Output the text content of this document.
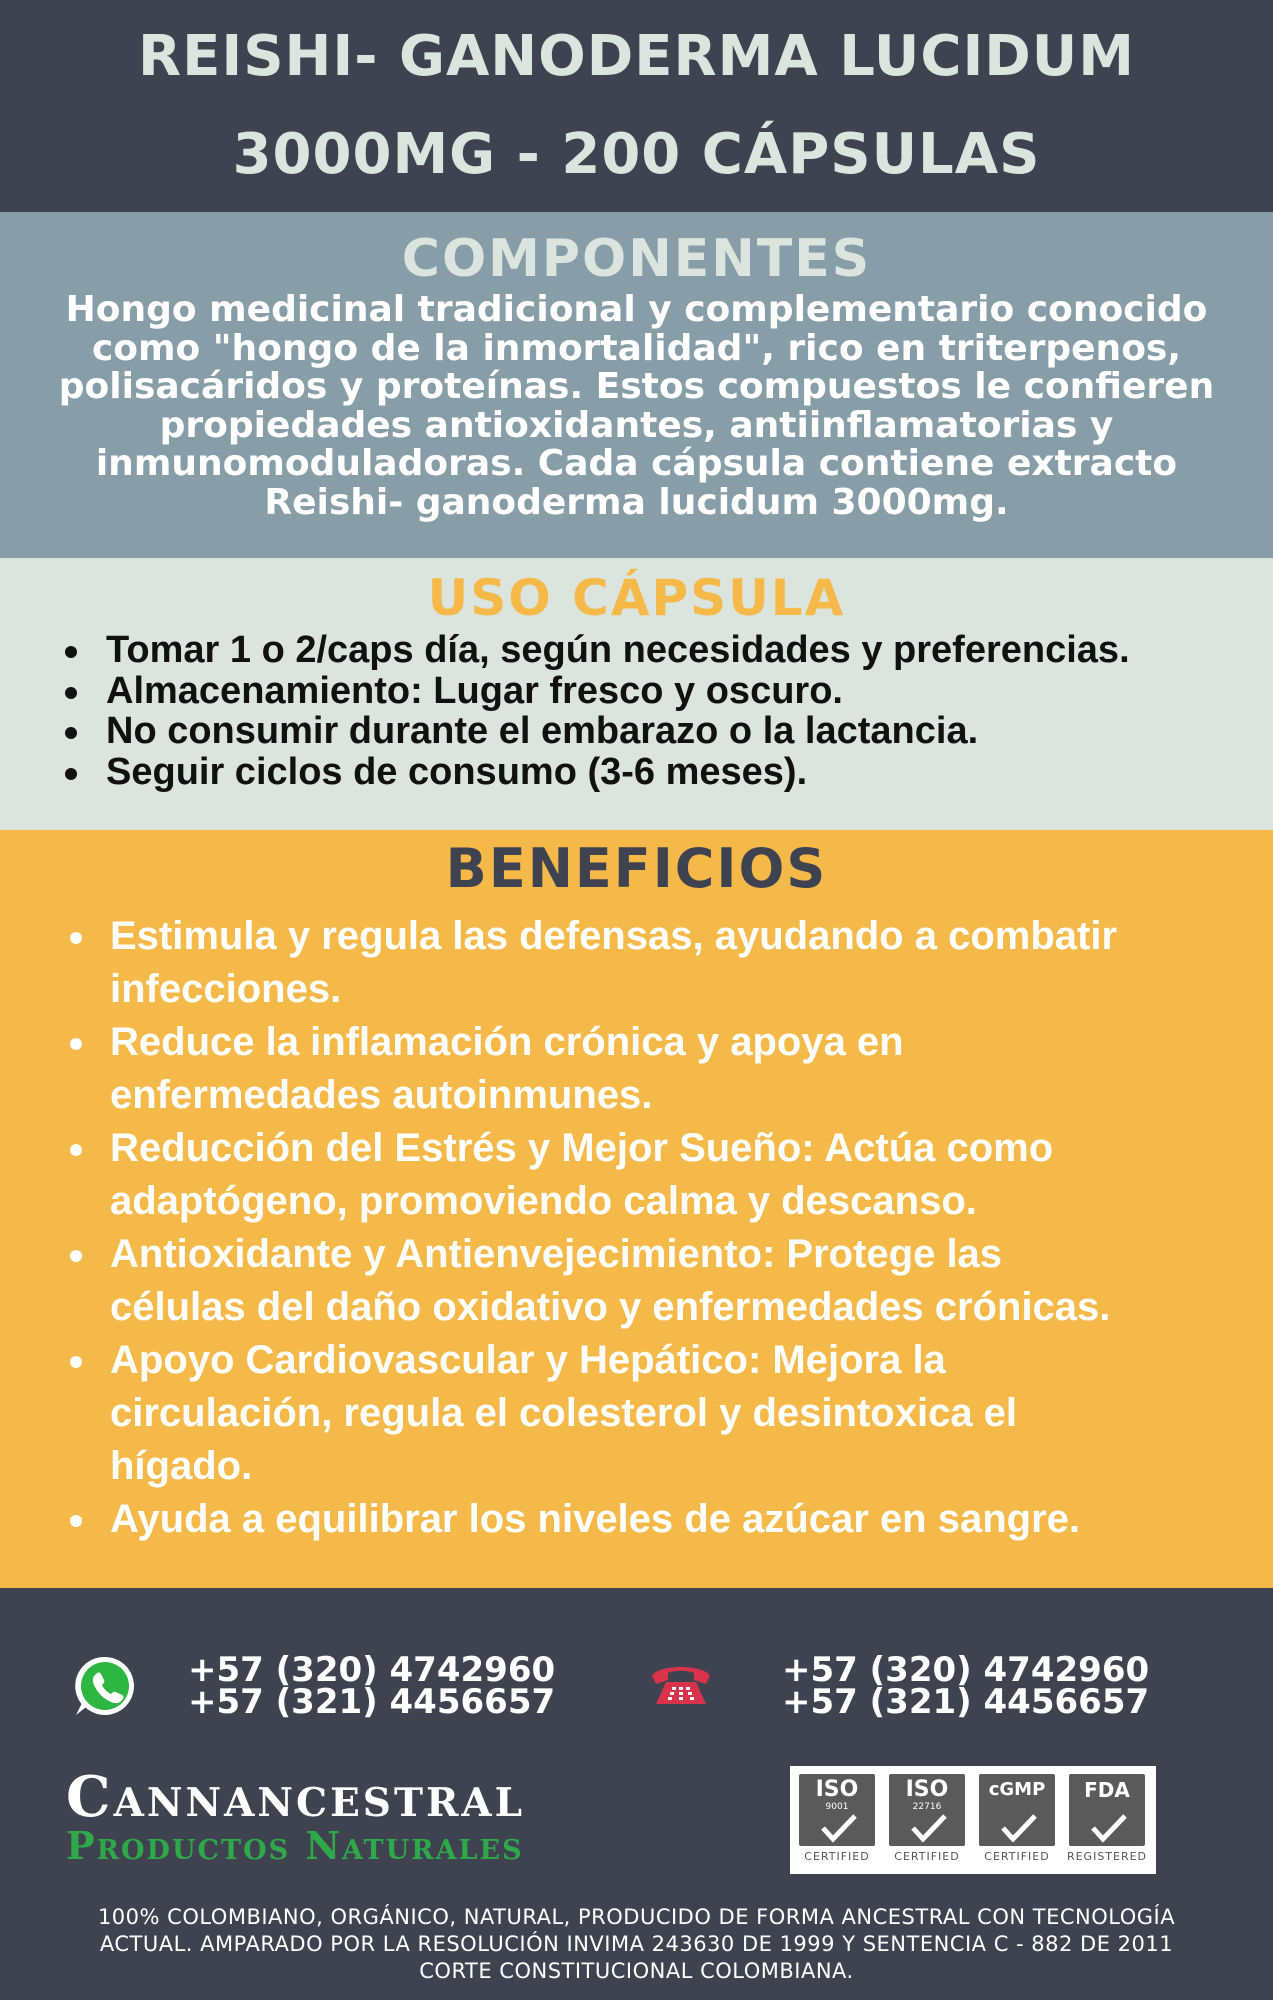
REISHI- GANODERMA LUCIDUM
3000MG - 200 CÁPSULAS
COMPONENTES
Hongo medicinal tradicional y complementario conocido
como "hongo de la inmortalidad", rico en triterpenos,
polisacáridos y proteínas. Estos compuestos le confieren
propiedades antioxidantes, antiinflamatorias y
inmunomoduladoras. Cada cápsula contiene extracto
Reishi- ganoderma lucidum 3000mg.
USO CÁPSULA
Tomar 1 o 2/caps día, según necesidades y preferencias.
Almacenamiento: Lugar fresco y oscuro.
No consumir durante el embarazo o la lactancia.
Seguir ciclos de consumo (3-6 meses).
BENEFICIOS
Estimula y regula las defensas, ayudando a combatir
infecciones.
Reduce la inflamación crónica y apoya en
enfermedades autoinmunes.
Reducción del Estrés y Mejor Sueño: Actúa como
adaptógeno, promoviendo calma y descanso.
Antioxidante y Antienvejecimiento: Protege las
células del daño oxidativo y enfermedades crónicas.
Apoyo Cardiovascular y Hepático: Mejora la
circulación, regula el colesterol y desintoxica el
hígado.
Ayuda a equilibrar los niveles de azúcar en sangre.
+57 (320) 4742960
+57 (321) 4456657
+57 (320) 4742960
+57 (321) 4456657
Cannancestral
Productos Naturales
ISO
9001
CERTIFIED
ISO
22716
CERTIFIED
cGMP
CERTIFIED
FDA
REGISTERED
100% COLOMBIANO, ORGÁNICO, NATURAL, PRODUCIDO DE FORMA ANCESTRAL CON TECNOLOGÍA
ACTUAL. AMPARADO POR LA RESOLUCIÓN INVIMA 243630 DE 1999 Y SENTENCIA C - 882 DE 2011
CORTE CONSTITUCIONAL COLOMBIANA.
